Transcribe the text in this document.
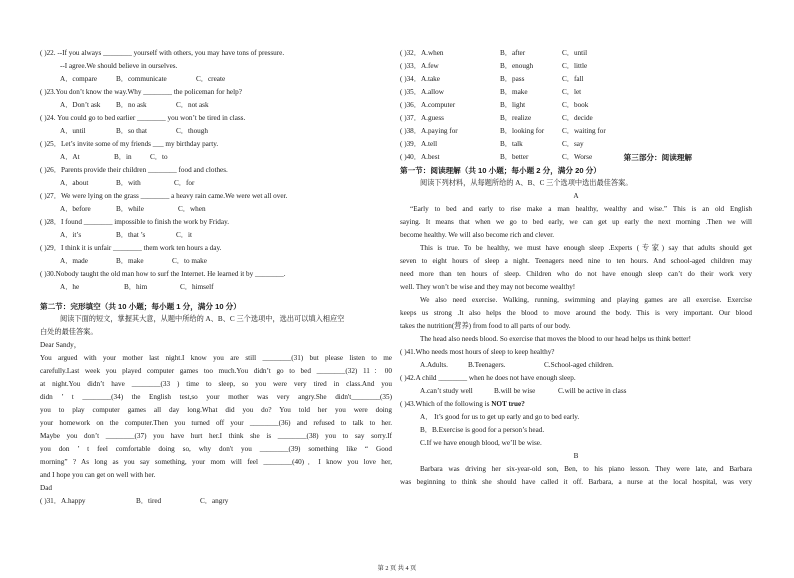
( )22. --If you always ________ yourself with others, you may have tons of pressure.
--I agree.We should believe in ourselves.
A．compare	B．communicate	C．create
( )23.You don’t know the way.Why ________ the policeman for help?
A．Don’t ask B．no ask	C．not ask
( )24. You could go to bed earlier ________ you won’t be tired in class.
A．until	B．so that	C．though
( )25．Let’s invite some of my friends ___ my birthday party.
A．At	B．in	C．to
( )26．Parents provide their children ________ food and clothes.
A．about	B．with	C．for
( )27．We were lying on the grass ________ a heavy rain came.We were wet all over.
A．before	B．while	C．when
( )28．I found ________ impossible to finish the work by Friday.
A．it’s	B．that ’s	C．it
( )29．I think it is unfair ________ them work ten hours a day.
A．made	B．make	C．to make
( )30.Nobody taught the old man how to surf the Internet. He learned it by ________.
A．he	B．him	C．himself
第二节：完形填空（共 10 小题；每小题 1 分，满分 10 分）
阅读下面的短文，掌握其大意，从题中所给的 A、B、C 三个选项中，选出可以填入相应空
白处的最佳答案。
Dear Sandy，
You argued with your mother last night.I know you are still ________(31) but please listen to me
carefully.Last week you played computer games too much.You didn’t go to bed ________(32) 11：00
at night.You didn’t have ________(33 ) time to sleep, so you were very tired in class.And you
didn ’ t ________(34) the English test,so your mother was very angry.She didn't________(35)
you to play computer games all day long.What did you do? You told her you were doing
your homework on the computer.Then you turned off your ________(36) and refused to talk to her.
Maybe you don’t ________(37) you have hurt her.I think she is ________(38) you to say sorry.If
you don ’ t feel comfortable doing so, why don't you ________(39) something like “ Good
morning” ? As long as you say something, your mom will feel ________(40)．I know you love her,
and I hope you can get on well with her.
Dad
( )31．A.happy	B．tired	C．angry
( )32．A.when	B．after	C．until
( )33．A.few	B．enough	C．little
( )34．A.take	B．pass	C．fall
( )35．A.allow	B．make	C．let
( )36．A.computer	B．light	C．book
( )37．A.guess	B．realize	C．decide
( )38．A.paying for	B．looking for C．waiting for
( )39．A.tell	B．talk	C．say
( )40．A.best	B．better	C．Worse	第三部分：阅读理解
第一节：阅读理解（共 10 小题；每小题 2 分，满分 20 分）
阅读下列材料，从每题所给的 A、B、C 三个选项中选出最佳答案。
A
“Early to bed and early to rise make a man healthy, wealthy and wise.” This is an old English
saying. It means that when we go to bed early, we can get up early the next morning .Then we will
become healthy. We will also become rich and clever.
This is true. To be healthy, we must have enough sleep .Experts (专家) say that adults should get
seven to eight hours of sleep a night. Teenagers need nine to ten hours. And school-aged children may
need more than ten hours of sleep. Children who do not have enough sleep can’t do their work very
well. They won’t be wise and they may not become wealthy!
We also need exercise. Walking, running, swimming and playing games are all exercise. Exercise
keeps us strong .It also helps the blood to move around the body. This is very important. Our blood
takes the nutrition(营养) from food to all parts of our body.
The head also needs blood. So exercise that moves the blood to our head helps us think better!
( )41.Who needs most hours of sleep to keep healthy?
A.Adults.	B.Teenagers.	C.School-aged children.
( )42.A child ________ when he does not have enough sleep.
A.can’t study well	B.will be wise	C.will be active in class
( )43.Which of the following is NOT true?
A． It’s good for us to get up early and go to bed early.
B．B.Exercise is good for a person’s head.
C.If we have enough blood, we’ll be wise.
B
Barbara was driving her six-year-old son, Ben, to his piano lesson. They were late, and Barbara
was beginning to think she should have called it off. Barbara, a nurse at the local hospital, was very
第 2 页 共 4 页
